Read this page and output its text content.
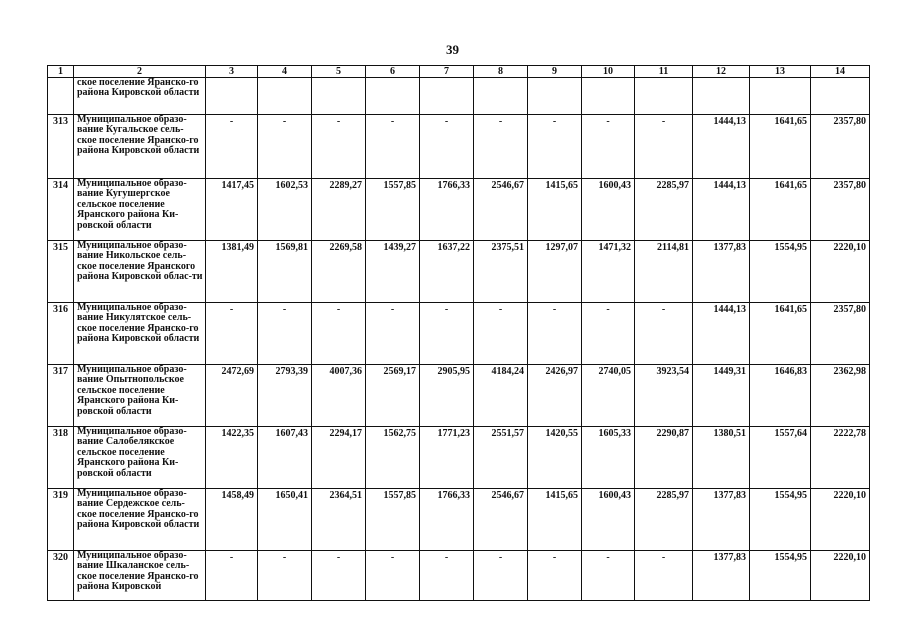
39
1	2	3	4	5	6	7	8	9	10	11	12	13	14
	ское поселение Яранско-го района Кировской области												
313	Муниципальное образо-вание Кугальское сель-ское поселение Яранско-го района Кировской области	-	-	-	-	-	-	-	-	-	1444,13	1641,65	2357,80
314	Муниципальное образо-вание Кугушергское сельское поселение Яранского района Ки-ровской области	1417,45	1602,53	2289,27	1557,85	1766,33	2546,67	1415,65	1600,43	2285,97	1444,13	1641,65	2357,80
315	Муниципальное образо-вание Никольское сель-ское поселение Яранского района Кировской облас-ти	1381,49	1569,81	2269,58	1439,27	1637,22	2375,51	1297,07	1471,32	2114,81	1377,83	1554,95	2220,10
316	Муниципальное образо-вание Никулятское сель-ское поселение Яранско-го района Кировской области	-	-	-	-	-	-	-	-	-	1444,13	1641,65	2357,80
317	Муниципальное образо-вание Опытнопольское сельское поселение Яранского района Ки-ровской области	2472,69	2793,39	4007,36	2569,17	2905,95	4184,24	2426,97	2740,05	3923,54	1449,31	1646,83	2362,98
318	Муниципальное образо-вание Салобелякское сельское поселение Яранского района Ки-ровской области	1422,35	1607,43	2294,17	1562,75	1771,23	2551,57	1420,55	1605,33	2290,87	1380,51	1557,64	2222,78
319	Муниципальное образо-вание Сердежское сель-ское поселение Яранско-го района Кировской области	1458,49	1650,41	2364,51	1557,85	1766,33	2546,67	1415,65	1600,43	2285,97	1377,83	1554,95	2220,10
320	Муниципальное образо-вание Шкаланское сель-ское поселение Яранско-го района Кировской	-	-	-	-	-	-	-	-	-	1377,83	1554,95	2220,10
